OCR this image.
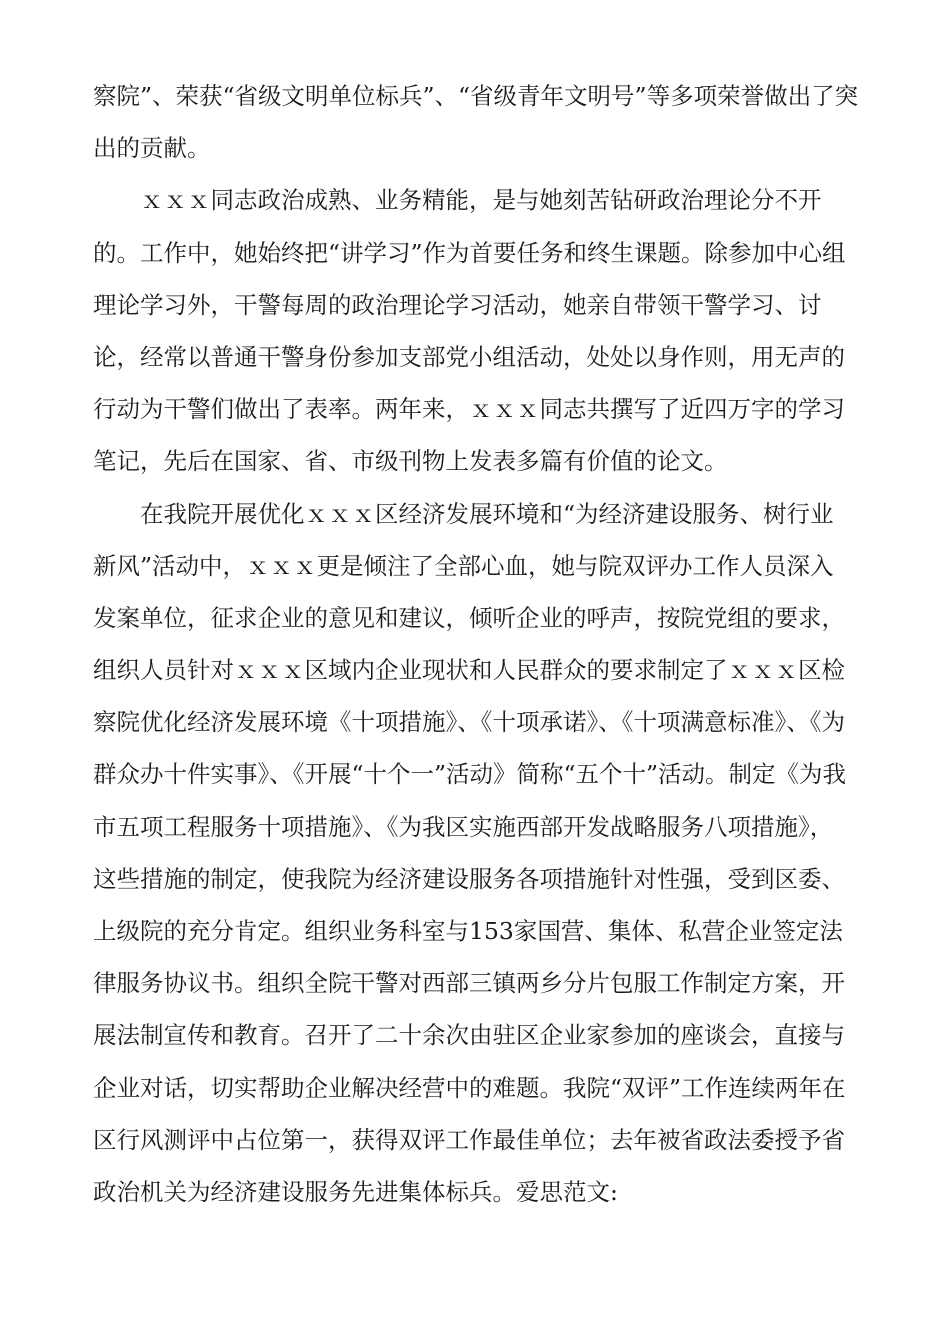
察院”、荣获“省级文明单位标兵”、“省级青年文明号”等多项荣誉做出了突
出的贡献。
ｘｘｘ同志政治成熟、业务精能，是与她刻苦钻研政治理论分不开
的。工作中，她始终把“讲学习”作为首要任务和终生课题。除参加中心组
理论学习外，干警每周的政治理论学习活动，她亲自带领干警学习、讨
论，经常以普通干警身份参加支部党小组活动，处处以身作则，用无声的
行动为干警们做出了表率。两年来，ｘｘｘ同志共撰写了近四万字的学习
笔记，先后在国家、省、市级刊物上发表多篇有价值的论文。
在我院开展优化ｘｘｘ区经济发展环境和“为经济建设服务、树行业
新风”活动中，ｘｘｘ更是倾注了全部心血，她与院双评办工作人员深入
发案单位，征求企业的意见和建议，倾听企业的呼声，按院党组的要求，
组织人员针对ｘｘｘ区域内企业现状和人民群众的要求制定了ｘｘｘ区检
察院优化经济发展环境《十项措施》、《十项承诺》、《十项满意标准》、《为
群众办十件实事》、《开展“十个一”活动》简称“五个十”活动。制定《为我
市五项工程服务十项措施》、《为我区实施西部开发战略服务八项措施》，
这些措施的制定，使我院为经济建设服务各项措施针对性强，受到区委、
上级院的充分肯定。组织业务科室与153家国营、集体、私营企业签定法
律服务协议书。组织全院干警对西部三镇两乡分片包服工作制定方案，开
展法制宣传和教育。召开了二十余次由驻区企业家参加的座谈会，直接与
企业对话，切实帮助企业解决经营中的难题。我院“双评”工作连续两年在
区行风测评中占位第一，获得双评工作最佳单位；去年被省政法委授予省
政治机关为经济建设服务先进集体标兵。爱思范文:
